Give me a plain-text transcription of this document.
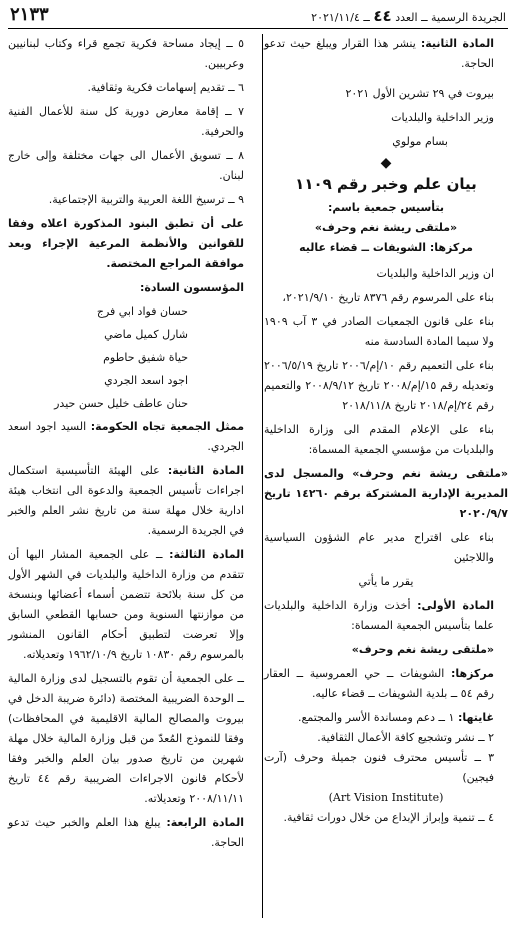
٢١٣٣	الجريدة الرسمية ــ العدد ٤٤ ــ ٢٠٢١/١١/٤

المادة الثانية: ينشر هذا القرار ويبلغ حيث تدعو الحاجة.

بيروت في ٢٩ تشرين الأول ٢٠٢١

وزير الداخلية والبلديات

بسام مولوي

◆

بيان علم وخبر رقم ١١٠٩

بتأسيس جمعية باسم:

«ملتقى ريشة نغم وحرف»

مركزها: الشويفات ــ قضاء عاليه

ان وزير الداخلية والبلديات

بناء على المرسوم رقم ٨٣٧٦ تاريخ ٢٠٢١/٩/١٠،

بناء على قانون الجمعيات الصادر في ٣ آب ١٩٠٩ ولا سيما المادة السادسة منه

بناء على التعميم رقم ١٠/إم/٢٠٠٦ تاريخ ٢٠٠٦/٥/١٩ وتعديله رقم ١٥/إم/٢٠٠٨ تاريخ ٢٠٠٨/٩/١٢ والتعميم رقم ٢٤/إم/٢٠١٨ تاريخ ٢٠١٨/١١/٨

بناء على الإعلام المقدم الى وزارة الداخلية والبلديات من مؤسسي الجمعية المسماة:

«ملتقى ريشة نغم وحرف» والمسجل لدى المديرية الإدارية المشتركة برقم ١٤٢٦٠ تاريخ ٢٠٢٠/٩/٧

بناء على اقتراح مدير عام الشؤون السياسية واللاجئين

يقرر ما يأتي

المادة الأولى: أخذت وزارة الداخلية والبلديات علما بتأسيس الجمعية المسماة:

«ملتقى ريشة نغم وحرف»

مركزها: الشويفات ــ حي العمروسية ــ العقار رقم ٥٤ ــ بلدية الشويفات ــ قضاء عاليه.

غايتها: ١ ــ دعم ومساندة الأسر والمجتمع.

٢ ــ نشر وتشجيع كافة الأعمال الثقافية.

٣ ــ تأسيس محترف فنون جميلة وحرف (آرت فيجين)

(Art Vision Institute)

٤ ــ تنمية وإبراز الإبداع من خلال دورات ثقافية.

٥ ــ إيجاد مساحة فكرية تجمع قراء وكتاب لبنانيين وعربيين.

٦ ــ تقديم إسهامات فكرية وثقافية.

٧ ــ إقامة معارض دورية كل سنة للأعمال الفنية والحرفية.

٨ ــ تسويق الأعمال الى جهات مختلفة وإلى خارج لبنان.

٩ ــ ترسيخ اللغة العربية والتربية الإجتماعية.

على أن تطبق البنود المذكورة اعلاه وفقا للقوانين والأنظمة المرعية الإجراء وبعد موافقة المراجع المختصة.

المؤسسون السادة:

حسان فواد ابي فرج

شارل كميل ماضي

حياة شفيق حاطوم

اجود اسعد الجردي

حنان عاطف خليل حسن حيدر

ممثل الجمعية تجاه الحكومة: السيد اجود اسعد الجردي.

المادة الثانية: على الهيئة التأسيسية استكمال اجراءات تأسيس الجمعية والدعوة الى انتخاب هيئة ادارية خلال مهلة سنة من تاريخ نشر العلم والخبر في الجريدة الرسمية.

المادة الثالثة: ــ على الجمعية المشار اليها أن تتقدم من وزارة الداخلية والبلديات في الشهر الأول من كل سنة بلائحة تتضمن أسماء أعضائها وبنسخة من موازنتها السنوية ومن حسابها القطعي السابق وإلا تعرضت لتطبيق أحكام القانون المنشور بالمرسوم رقم ١٠٨٣٠ تاريخ ١٩٦٢/١٠/٩ وتعديلاته.

ــ على الجمعية أن تقوم بالتسجيل لدى وزارة المالية ــ الوحدة الضريبية المختصة (دائرة ضريبة الدخل في بيروت والمصالح المالية الاقليمية في المحافظات) وفقا للنموذج المُعدّ من قبل وزارة المالية خلال مهلة شهرين من تاريخ صدور بيان العلم والخبر وفقا لأحكام قانون الاجراءات الضريبية رقم ٤٤ تاريخ ٢٠٠٨/١١/١١ وتعديلاته.

المادة الرابعة: يبلغ هذا العلم والخبر حيث تدعو الحاجة.
